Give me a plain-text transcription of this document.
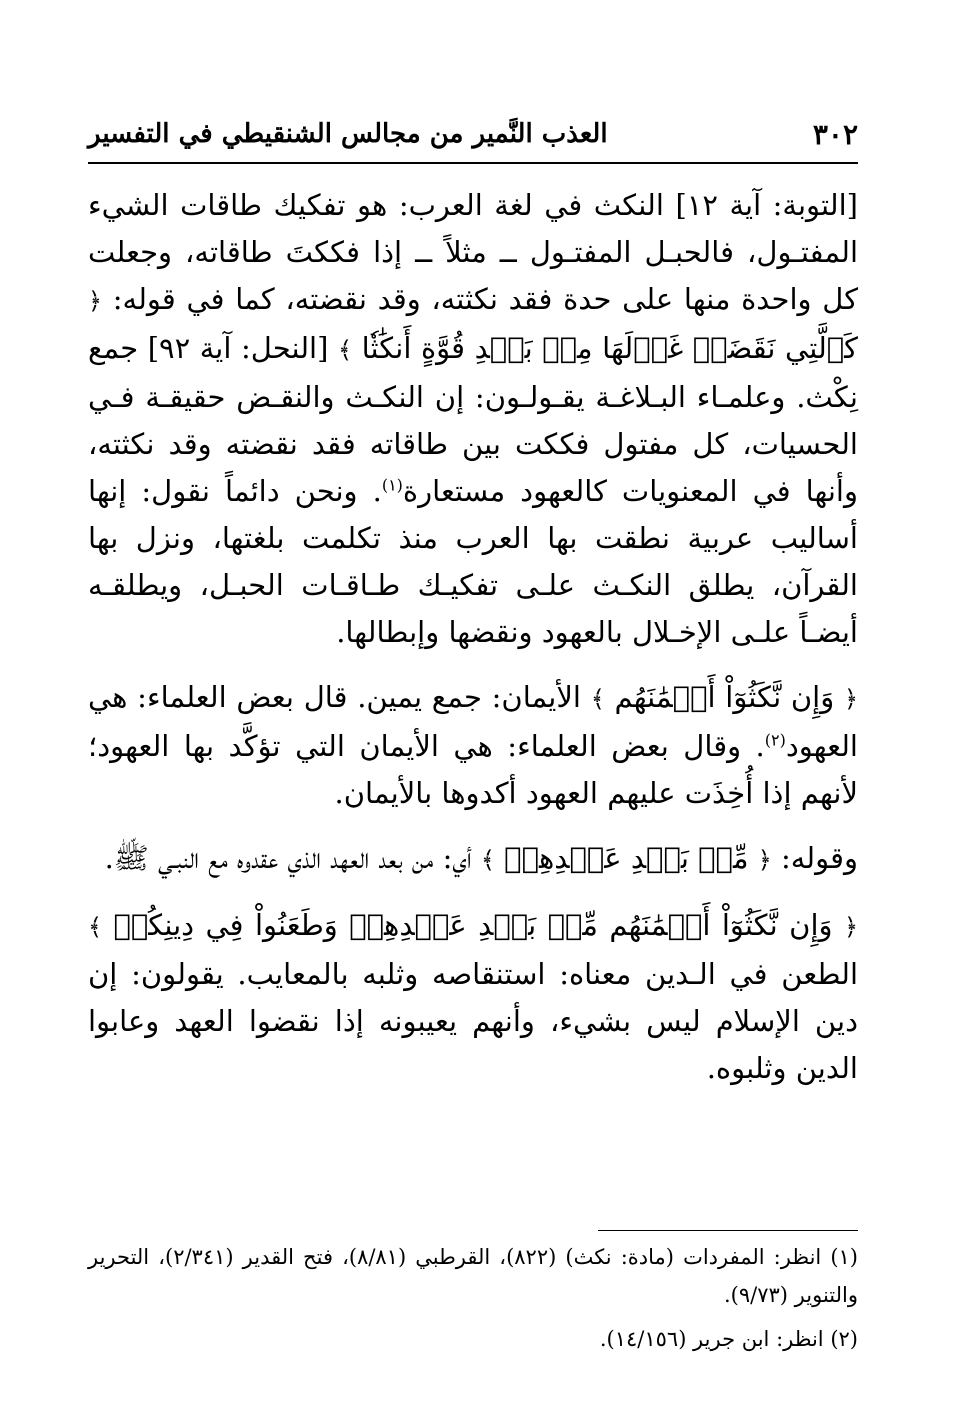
٣٠٢
العذب النَّمير من مجالس الشنقيطي في التفسير

[التوبة: آية ١٢] النكث في لغة العرب: هو تفكيك طاقات الشيء المفتـول، فالحبـل المفتـول ــ مثلاً ــ إذا فككتَ طاقاته، وجعلت كل واحدة منها على حدة فقد نكثته، وقد نقضته، كما في قوله: ﴿ كَٱلَّتِي نَقَضَتۡ غَزۡلَهَا مِنۢ بَعۡدِ قُوَّةٍ أَنكَٰثٗا ﴾ [النحل: آية ٩٢] جمع نِكْث. وعلمـاء البـلاغـة يقـولـون: إن النكـث والنقـض حقيقـة فـي الحسيات، كل مفتول فككت بين طاقاته فقد نقضته وقد نكثته، وأنها في المعنويات كالعهود مستعارة$^{(١)}$. ونحن دائماً نقول: إنها أساليب عربية نطقت بها العرب منذ تكلمت بلغتها، ونزل بها القرآن، يطلق النكـث علـى تفكيـك طـاقـات الحبـل، ويطلقـه أيضـاً علـى الإخـلال بالعهود ونقضها وإبطالها.

﴿ وَإِن نَّكَثُوٓاْ أَيۡمَٰنَهُم ﴾ الأيمان: جمع يمين. قال بعض العلماء: هي العهود$^{(٢)}$. وقال بعض العلماء: هي الأيمان التي تؤكَّد بها العهود؛ لأنهم إذا أُخِذَت عليهم العهود أكدوها بالأيمان.

وقوله: ﴿ مِّنۢ بَعۡدِ عَهۡدِهِمۡ ﴾ أي: من بعد العهد الذي عقدوه مع النبـي ﷺ.

﴿ وَإِن نَّكَثُوٓاْ أَيۡمَٰنَهُم مِّنۢ بَعۡدِ عَهۡدِهِمۡ وَطَعَنُواْ فِي دِينِكُمۡ ﴾ الطعن في الـدين معناه: استنقاصه وثلبه بالمعايب. يقولون: إن دين الإسلام ليس بشيء، وأنهم يعيبونه إذا نقضوا العهد وعابوا الدين وثلبوه.

(١) انظر: المفردات (مادة: نكث) (٨٢٢)، القرطبي (٨/٨١)، فتح القدير (٢/٣٤١)، التحرير والتنوير (٩/٧٣).

(٢) انظر: ابن جرير (١٤/١٥٦).
